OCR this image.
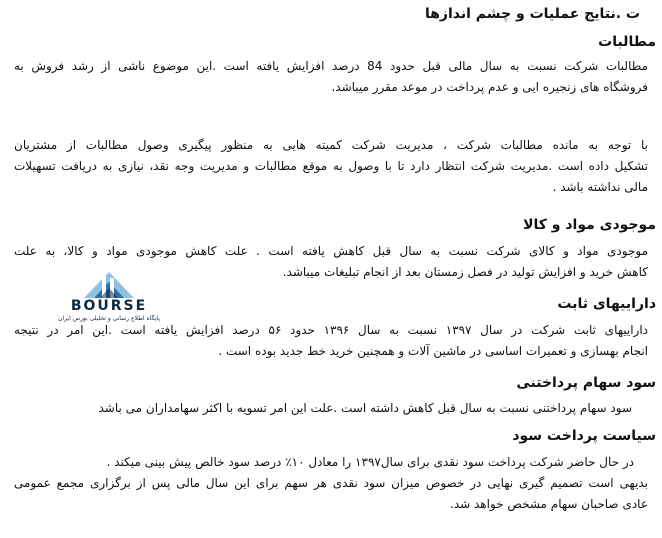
ت .نتایج عملیات و چشم اندازها
مطالبات
مطالبات شرکت نسبت به سال مالی قبل حدود 84 درصد افزایش یافته است .این موضوع ناشی از رشد فروش به
فروشگاه های زنجیره ایی و عدم پرداخت در موعد مقرر میباشد.
با توجه به مانده مطالبات شرکت ، مدیریت شرکت کمیته هایی به منظور پیگیری وصول مطالبات از مشتریان
تشکیل داده است .مدیریت شرکت انتظار دارد تا با وصول به موقع مطالبات و مدیریت وجه نقد، نیازی به دریافت تسهیلات
مالی نداشته باشد .
موجودی مواد و کالا
موجودی مواد و کالای شرکت نسبت به سال قبل کاهش یافته است . علت کاهش موجودی مواد و کالا، به علت
کاهش خرید و افزایش تولید در فصل زمستان بعد از انجام تبلیغات میباشد.
داراییهای ثابت
داراییهای ثابت شرکت در سال ۱۳۹۷ نسبت به سال ۱۳۹۶ حدود ۵۶ درصد افزایش یافته است .این امر در نتیجه
انجام بهسازی و تعمیرات اساسی در ماشین آلات و همچنین خرید خط جدید بوده است .
سود سهام پرداختنی
سود سهام پرداختنی نسبت به سال قبل کاهش داشته است .علت این امر تسویه با اکثر سهامداران می باشد
سیاست پرداخت سود
در حال حاضر شرکت پرداخت سود نقدی برای سال۱۳۹۷ را معادل ۱۰٪ درصد سود خالص پیش بینی میکند .
بدیهی است تصمیم گیری نهایی در خصوص میزان سود نقدی هر سهم برای این سال مالی پس از برگزاری مجمع عمومی
عادی صاحبان سهام مشخص خواهد شد.
BOURSE
پایگاه اطلاع رسانی و تحلیلی بورس ایران
